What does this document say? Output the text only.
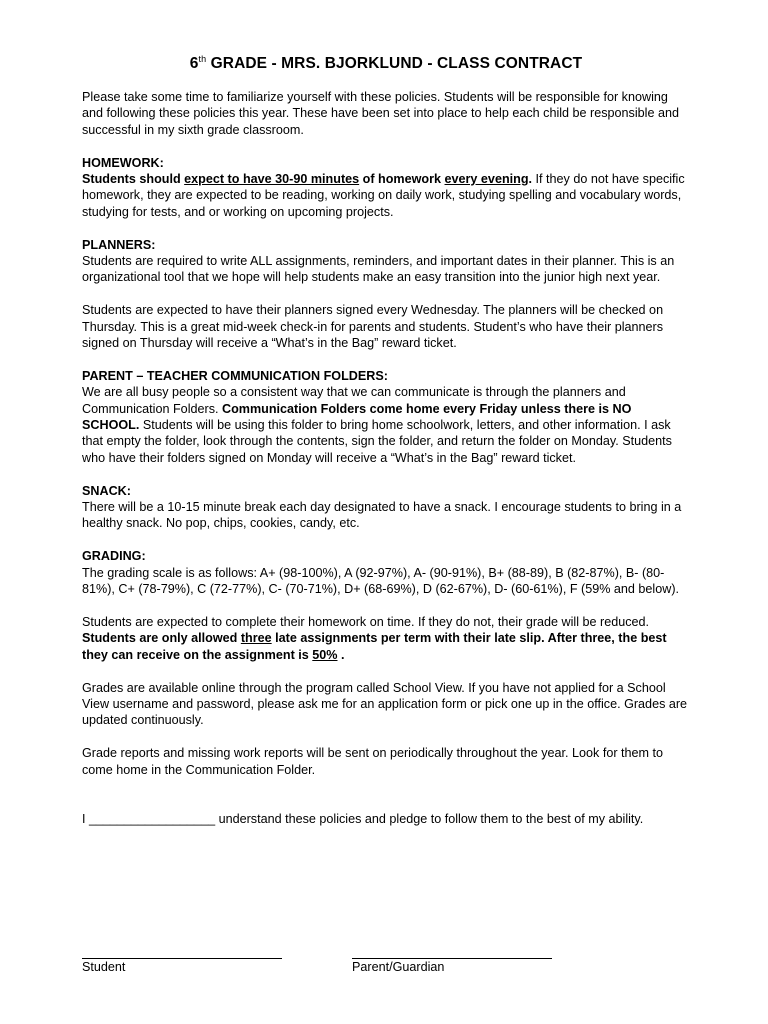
6th GRADE - MRS. BJORKLUND - CLASS CONTRACT

Please take some time to familiarize yourself with these policies. Students will be responsible for knowing and following these policies this year. These have been set into place to help each child be responsible and successful in my sixth grade classroom.

HOMEWORK:
Students should expect to have 30-90 minutes of homework every evening. If they do not have specific homework, they are expected to be reading, working on daily work, studying spelling and vocabulary words, studying for tests, and or working on upcoming projects.

PLANNERS:
Students are required to write ALL assignments, reminders, and important dates in their planner. This is an organizational tool that we hope will help students make an easy transition into the junior high next year.

Students are expected to have their planners signed every Wednesday. The planners will be checked on Thursday. This is a great mid-week check-in for parents and students. Student’s who have their planners signed on Thursday will receive a “What’s in the Bag” reward ticket.

PARENT – TEACHER COMMUNICATION FOLDERS:
We are all busy people so a consistent way that we can communicate is through the planners and Communication Folders. Communication Folders come home every Friday unless there is NO SCHOOL. Students will be using this folder to bring home schoolwork, letters, and other information. I ask that empty the folder, look through the contents, sign the folder, and return the folder on Monday. Students who have their folders signed on Monday will receive a “What’s in the Bag” reward ticket.

SNACK:
There will be a 10-15 minute break each day designated to have a snack. I encourage students to bring in a healthy snack. No pop, chips, cookies, candy, etc.

GRADING:
The grading scale is as follows: A+ (98-100%), A (92-97%), A- (90-91%), B+ (88-89), B (82-87%), B- (80-81%), C+ (78-79%), C (72-77%), C- (70-71%), D+ (68-69%), D (62-67%), D- (60-61%), F (59% and below).

Students are expected to complete their homework on time. If they do not, their grade will be reduced. Students are only allowed three late assignments per term with their late slip. After three, the best they can receive on the assignment is 50% .

Grades are available online through the program called School View. If you have not applied for a School View username and password, please ask me for an application form or pick one up in the office. Grades are updated continuously.

Grade reports and missing work reports will be sent on periodically throughout the year. Look for them to come home in the Communication Folder.

I __________________ understand these policies and pledge to follow them to the best of my ability.

Student	Parent/Guardian
